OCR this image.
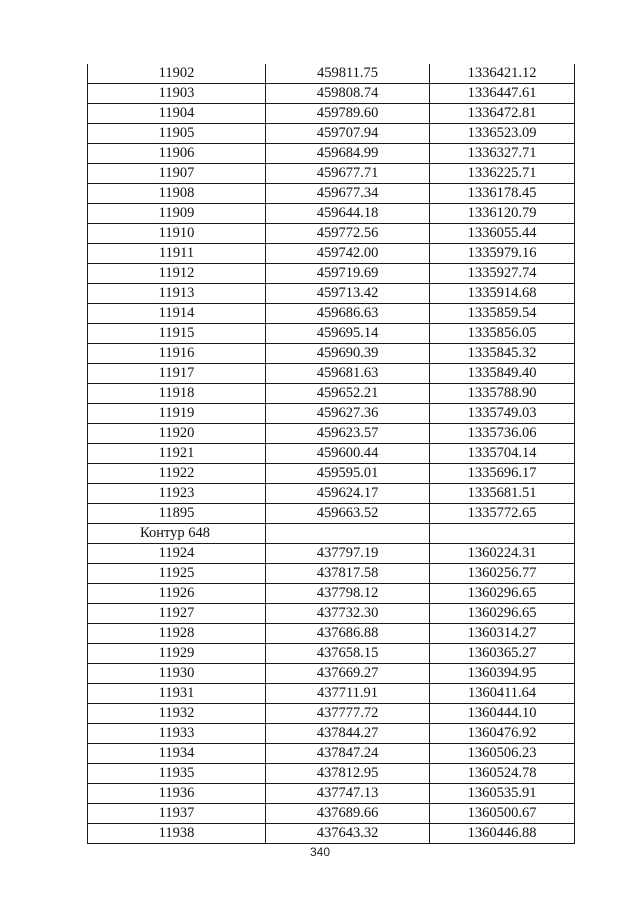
11902	459811.75	1336421.12
11903	459808.74	1336447.61
11904	459789.60	1336472.81
11905	459707.94	1336523.09
11906	459684.99	1336327.71
11907	459677.71	1336225.71
11908	459677.34	1336178.45
11909	459644.18	1336120.79
11910	459772.56	1336055.44
11911	459742.00	1335979.16
11912	459719.69	1335927.74
11913	459713.42	1335914.68
11914	459686.63	1335859.54
11915	459695.14	1335856.05
11916	459690.39	1335845.32
11917	459681.63	1335849.40
11918	459652.21	1335788.90
11919	459627.36	1335749.03
11920	459623.57	1335736.06
11921	459600.44	1335704.14
11922	459595.01	1335696.17
11923	459624.17	1335681.51
11895	459663.52	1335772.65
Контур 648		
11924	437797.19	1360224.31
11925	437817.58	1360256.77
11926	437798.12	1360296.65
11927	437732.30	1360296.65
11928	437686.88	1360314.27
11929	437658.15	1360365.27
11930	437669.27	1360394.95
11931	437711.91	1360411.64
11932	437777.72	1360444.10
11933	437844.27	1360476.92
11934	437847.24	1360506.23
11935	437812.95	1360524.78
11936	437747.13	1360535.91
11937	437689.66	1360500.67
11938	437643.32	1360446.88
340
